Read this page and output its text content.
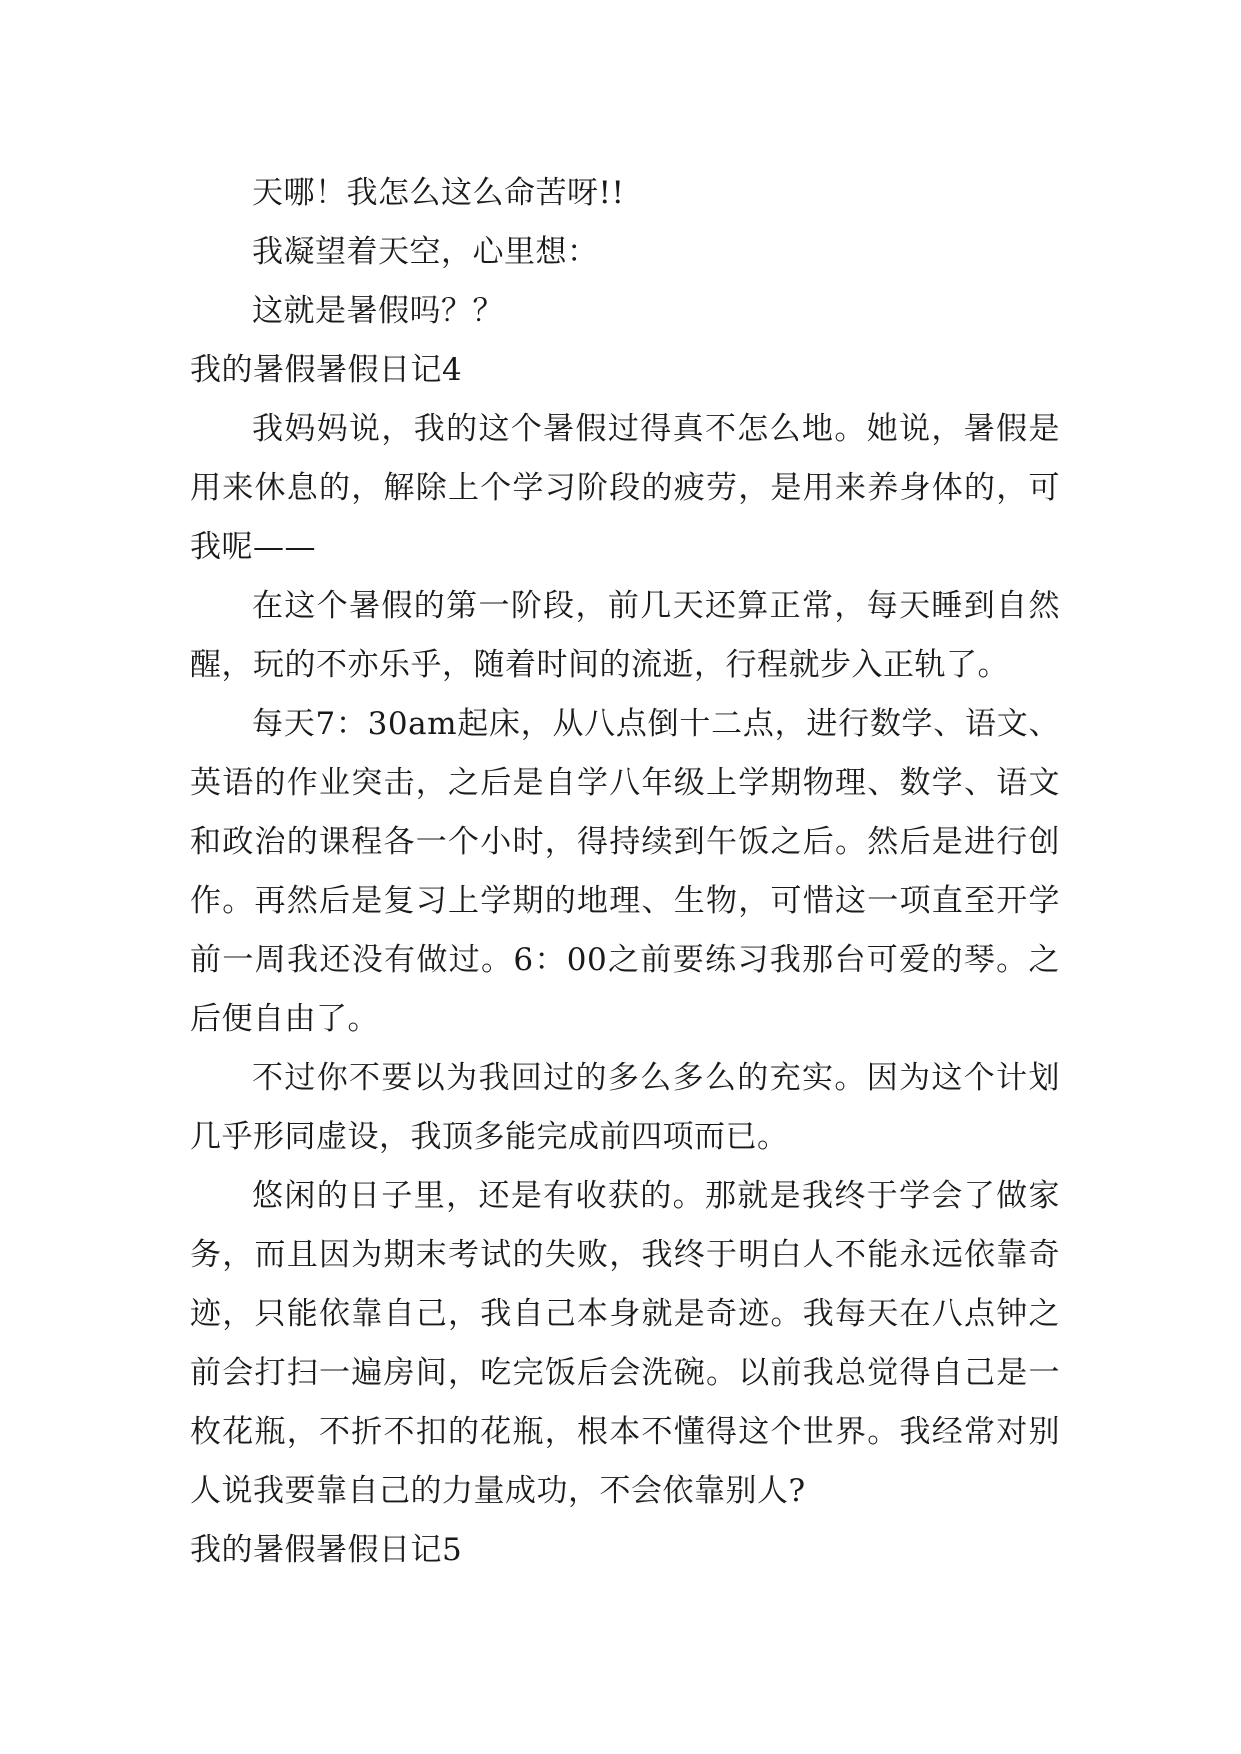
天哪！我怎么这么命苦呀!!

我凝望着天空，心里想：

这就是暑假吗？？

我的暑假暑假日记4

我妈妈说，我的这个暑假过得真不怎么地。她说，暑假是用来休息的，解除上个学习阶段的疲劳，是用来养身体的，可我呢——

在这个暑假的第一阶段，前几天还算正常，每天睡到自然醒，玩的不亦乐乎，随着时间的流逝，行程就步入正轨了。

每天7：30am起床，从八点倒十二点，进行数学、语文、英语的作业突击，之后是自学八年级上学期物理、数学、语文和政治的课程各一个小时，得持续到午饭之后。然后是进行创作。再然后是复习上学期的地理、生物，可惜这一项直至开学前一周我还没有做过。6：00之前要练习我那台可爱的琴。之后便自由了。

不过你不要以为我回过的多么多么的充实。因为这个计划几乎形同虚设，我顶多能完成前四项而已。

悠闲的日子里，还是有收获的。那就是我终于学会了做家务，而且因为期末考试的失败，我终于明白人不能永远依靠奇迹，只能依靠自己，我自己本身就是奇迹。我每天在八点钟之前会打扫一遍房间，吃完饭后会洗碗。以前我总觉得自己是一枚花瓶，不折不扣的花瓶，根本不懂得这个世界。我经常对别人说我要靠自己的力量成功，不会依靠别人?

我的暑假暑假日记5
